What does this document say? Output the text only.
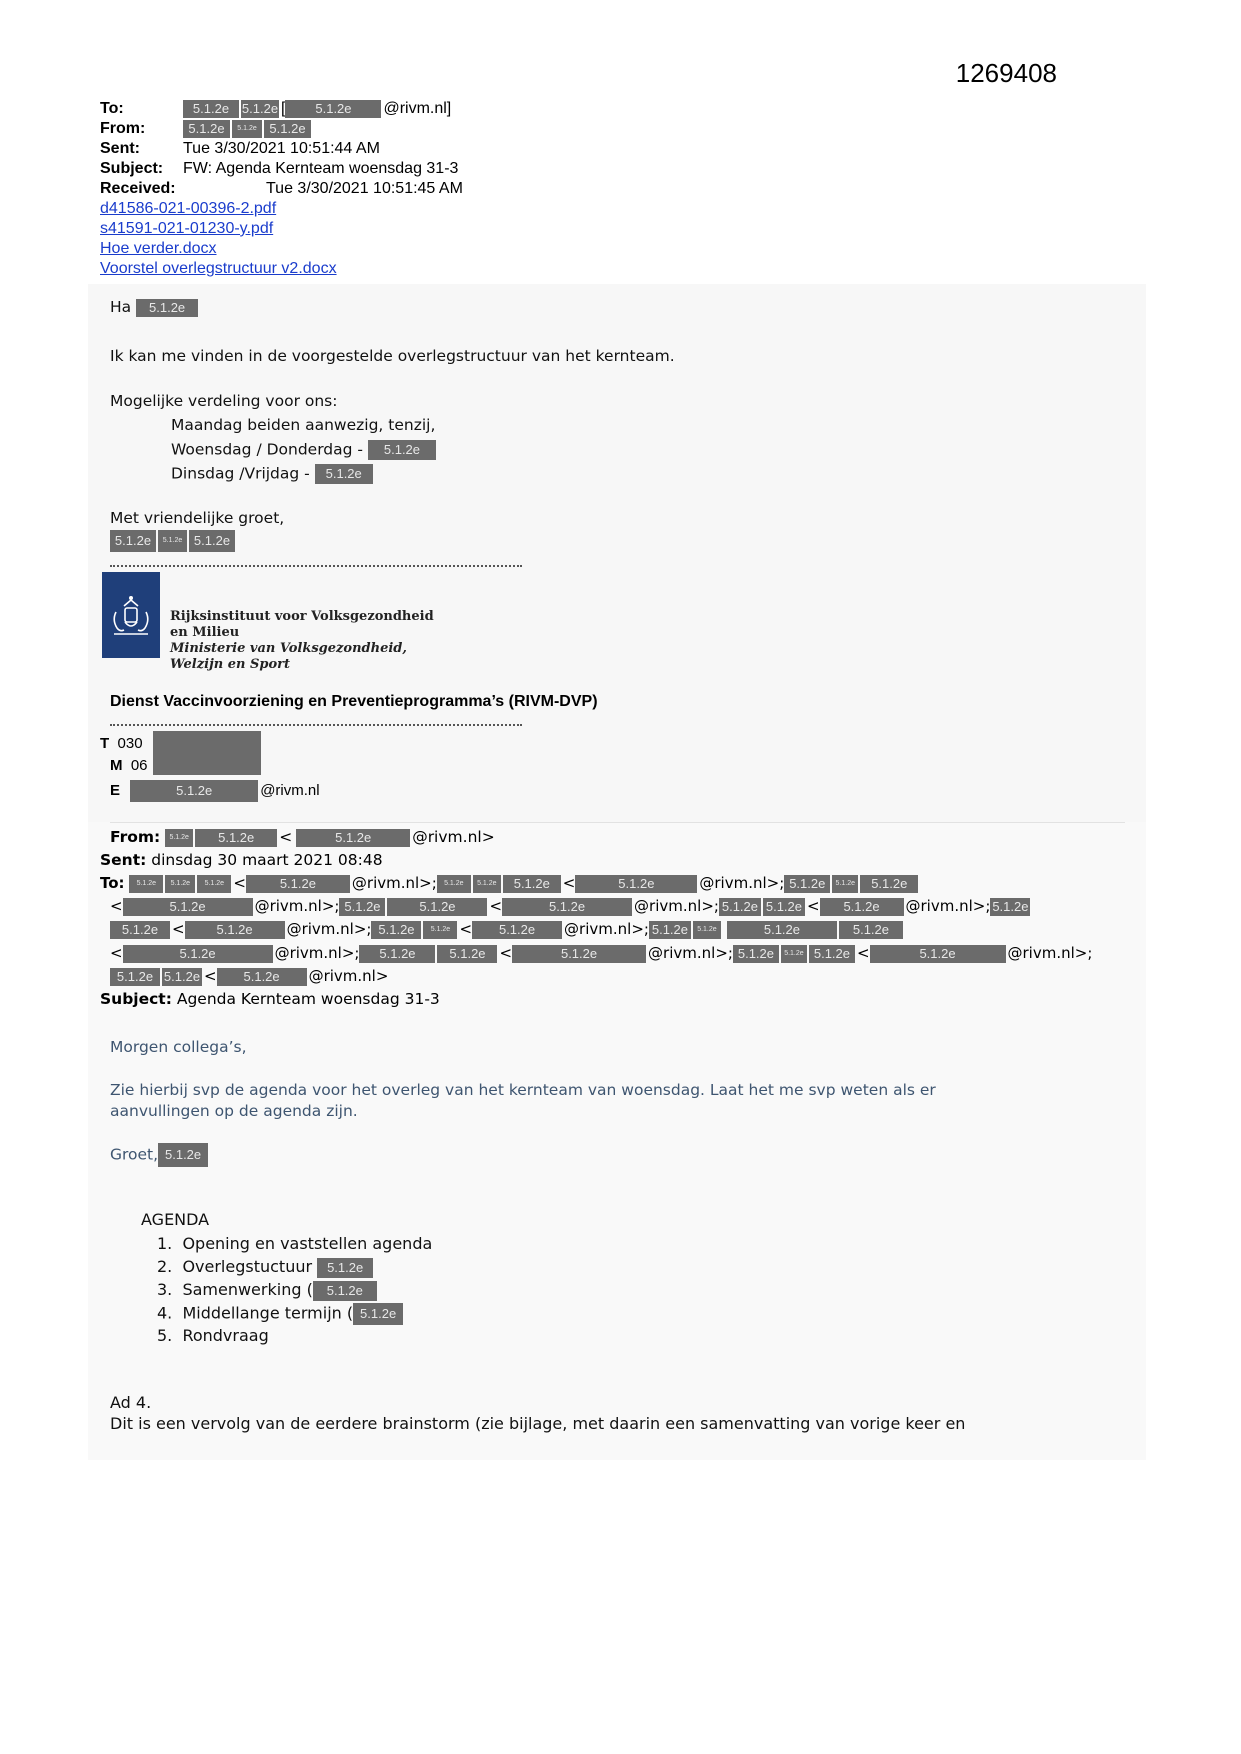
1269408
To:	5.1.2e 5.1.2e [ 5.1.2e @rivm.nl]
From:	5.1.2e 5.1.2e 5.1.2e
Sent:	Tue 3/30/2021 10:51:44 AM
Subject: FW: Agenda Kernteam woensdag 31-3
Received:	Tue 3/30/2021 10:51:45 AM
d41586-021-00396-2.pdf
s41591-021-01230-y.pdf
Hoe verder.docx
Voorstel overlegstructuur v2.docx
Ha 5.1.2e
Ik kan me vinden in de voorgestelde overlegstructuur van het kernteam.
Mogelijke verdeling voor ons:
Maandag beiden aanwezig, tenzij,
Woensdag / Donderdag - 5.1.2e
Dinsdag /Vrijdag - 5.1.2e
Met vriendelijke groet,
5.1.2e 5.1.2e 5.1.2e
Rijksinstituut voor Volksgezondheid
en Milieu
Ministerie van Volksgezondheid,
Welzijn en Sport
Dienst Vaccinvoorziening en Preventieprogramma’s (RIVM-DVP)
T 030
M 06
E	5.1.2e	@rivm.nl
From: 5.1.2e 5.1.2e <	5.1.2e	@rivm.nl>
Sent: dinsdag 30 maart 2021 08:48
To: 5.1.2e 5.1.2e 5.1.2e <	5.1.2e @rivm.nl>; 5.1.2e 5.1.2e 5.1.2e <	5.1.2e	@rivm.nl>; 5.1.2e 5.1.2e 5.1.2e
<	5.1.2e	@rivm.nl>; 5.1.2e	5.1.2e <	5.1.2e	@rivm.nl>; 5.1.2e 5.1.2e < 5.1.2e @rivm.nl>; 5.1.2e
5.1.2e < 5.1.2e @rivm.nl>; 5.1.2e 5.1.2e < 5.1.2e @rivm.nl>; 5.1.2e 5.1.2e	5.1.2e	5.1.2e
<	5.1.2e	@rivm.nl>; 5.1.2e	5.1.2e <	5.1.2e	@rivm.nl>; 5.1.2e 5.1.2e 5.1.2e <	5.1.2e	@rivm.nl>;
5.1.2e 5.1.2e < 5.1.2e @rivm.nl>
Subject: Agenda Kernteam woensdag 31-3
Morgen collega’s,
Zie hierbij svp de agenda voor het overleg van het kernteam van woensdag. Laat het me svp weten als er
aanvullingen op de agenda zijn.
Groet, 5.1.2e
AGENDA
1. Opening en vaststellen agenda
2. Overlegstuctuur 5.1.2e
3. Samenwerking ( 5.1.2e
4. Middellange termijn ( 5.1.2e
5. Rondvraag
Ad 4.
Dit is een vervolg van de eerdere brainstorm (zie bijlage, met daarin een samenvatting van vorige keer en
